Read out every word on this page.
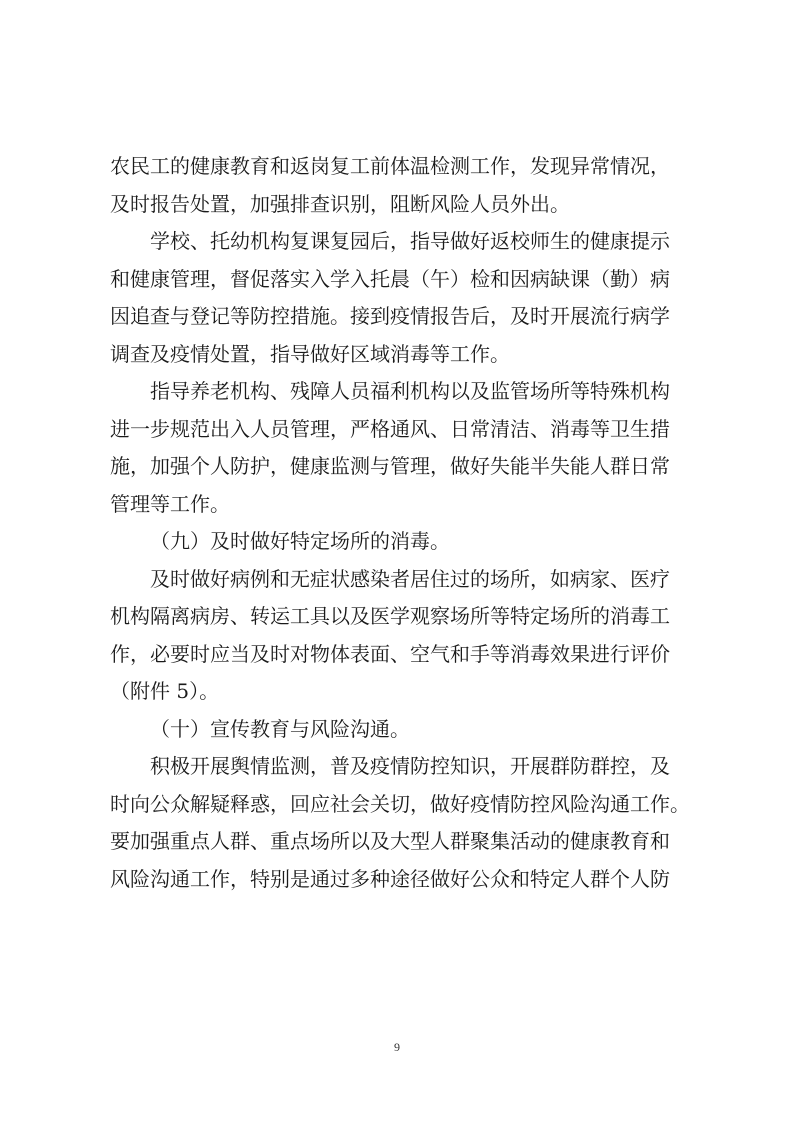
农民工的健康教育和返岗复工前体温检测工作，发现异常情况，
及时报告处置，加强排查识别，阻断风险人员外出。
学校、托幼机构复课复园后，指导做好返校师生的健康提示
和健康管理，督促落实入学入托晨（午）检和因病缺课（勤）病
因追查与登记等防控措施。接到疫情报告后，及时开展流行病学
调查及疫情处置，指导做好区域消毒等工作。
指导养老机构、残障人员福利机构以及监管场所等特殊机构
进一步规范出入人员管理，严格通风、日常清洁、消毒等卫生措
施，加强个人防护，健康监测与管理，做好失能半失能人群日常
管理等工作。
（九）及时做好特定场所的消毒。
及时做好病例和无症状感染者居住过的场所，如病家、医疗
机构隔离病房、转运工具以及医学观察场所等特定场所的消毒工
作，必要时应当及时对物体表面、空气和手等消毒效果进行评价
（附件 5）。
（十）宣传教育与风险沟通。
积极开展舆情监测，普及疫情防控知识，开展群防群控，及
时向公众解疑释惑，回应社会关切，做好疫情防控风险沟通工作。
要加强重点人群、重点场所以及大型人群聚集活动的健康教育和
风险沟通工作，特别是通过多种途径做好公众和特定人群个人防
9
